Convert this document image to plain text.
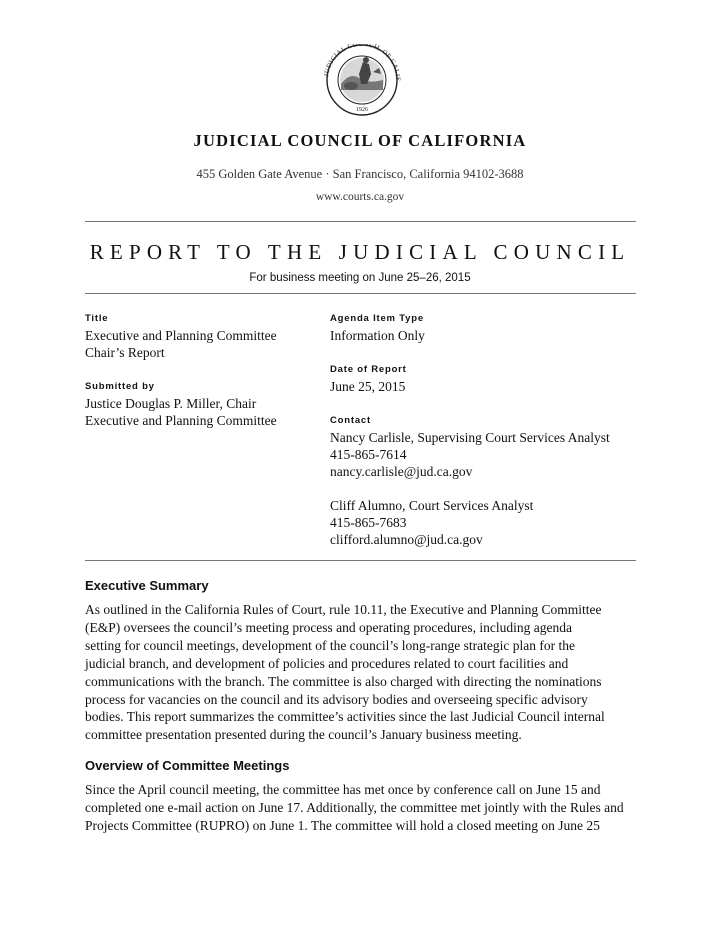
JUDICIAL COUNCIL OF CALIF
1926
JUDICIAL COUNCIL OF CALIFORNIA
455 Golden Gate Avenue · San Francisco, California 94102-3688
www.courts.ca.gov
REPORT TO THE JUDICIAL COUNCIL
For business meeting on June 25–26, 2015
Title
Executive and Planning Committee
Chair’s Report
Submitted by
Justice Douglas P. Miller, Chair
Executive and Planning Committee
Agenda Item Type
Information Only
Date of Report
June 25, 2015
Contact
Nancy Carlisle, Supervising Court Services Analyst
415-865-7614
nancy.carlisle@jud.ca.gov
Cliff Alumno, Court Services Analyst
415-865-7683
clifford.alumno@jud.ca.gov
Executive Summary
As outlined in the California Rules of Court, rule 10.11, the Executive and Planning Committee
(E&P) oversees the council’s meeting process and operating procedures, including agenda
setting for council meetings, development of the council’s long-range strategic plan for the
judicial branch, and development of policies and procedures related to court facilities and
communications with the branch. The committee is also charged with directing the nominations
process for vacancies on the council and its advisory bodies and overseeing specific advisory
bodies. This report summarizes the committee’s activities since the last Judicial Council internal
committee presentation presented during the council’s January business meeting.
Overview of Committee Meetings
Since the April council meeting, the committee has met once by conference call on June 15 and
completed one e-mail action on June 17. Additionally, the committee met jointly with the Rules and
Projects Committee (RUPRO) on June 1. The committee will hold a closed meeting on June 25
